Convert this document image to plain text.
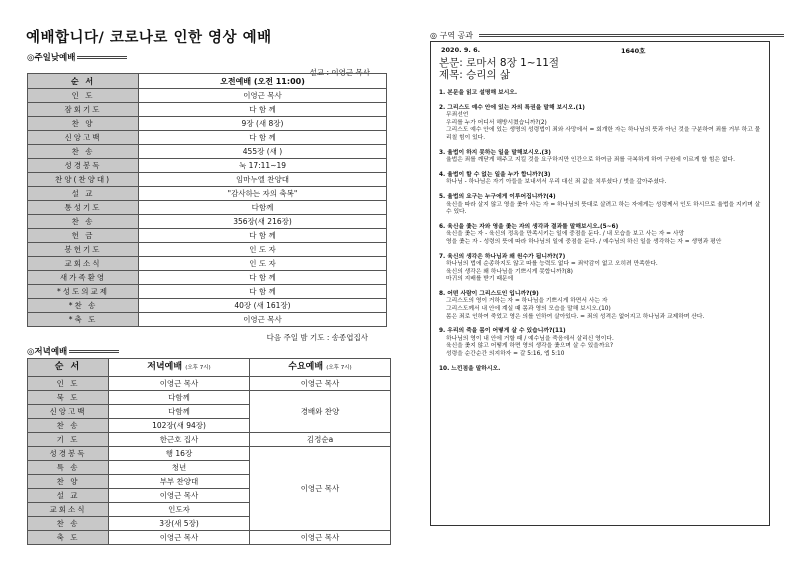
예배합니다/ 코로나로 인한 영상 예배
◎주일낮예배
설교 : 이영근 목사
순 서	오전예배 (오전 11:00)
인 도	이영근 목사
잠회기도	다 함 께
찬 양	9장 (새 8장)
신앙고백	다 함 께
찬 송	455장 (새 )
성경봉독	눅 17:11~19
찬양(찬양대)	임마누엘 찬양대
설 교	"감사하는 자의 축복"
통성기도	다함께
찬 송	356장(새 216장)
헌 금	다 함 께
봉헌기도	인 도 자
교회소식	인 도 자
새가족환영	다 함 께
*성도의교제	다 함 께
*찬 송	40장 (새 161장)
*축 도	이영근 목사
다음 주일 밤 기도 : 송종엽집사
◎저녁예배
순 서	저녁예배 (오후 7시)	수요예배 (오후 7시)
인 도	이영근 목사	이영근 목사
묵 도	다함께	경배와 찬양
신앙고백	다함께	
찬 송	102장(새 94장)	
기 도	한근호 집사	김정순a
성경봉독	행 16장	이영근 목사
특 송	청년	
찬 양	부부 찬양대	
설 교	이영근 목사	
교회소식	인도자	
찬 송	3장(새 5장)	
축 도	이영근 목사	이영근 목사
◎ 구역 공과
2020. 9. 6.	1640호
본문: 로마서 8장 1~11절
제목: 승리의 삶
1. 본문을 읽고 설명해 보시오.
2. 그리스도 예수 안에 있는 자의 특권을 말해 보시오.(1)
무죄선언
우리를 누가 어디서 해방시켰습니까?(2)
그리스도 예수 안에 있는 생명의 성령법이 죄와 사망에서 = 회개한 자는 하나님의 뜻과 아닌 것을 구분하여 죄를 거부 하고 물리칠 힘이 있다.
3. 율법이 하지 못하는 일을 말해보시오.(3)
율법은 죄를 깨닫게 해주고 지킬 것을 요구하지만 인간으로 하여금 죄를 극복하게 하여 구원에 이르게 할 힘은 없다.
4. 율법이 할 수 없는 일을 누가 합니까?(3)
하나님 - 하나님은 자기 아들을 보내셔서 우리 대신 죄 값을 치루셨다 / 벗을 갚아주셨다.
5. 율법의 요구는 누구에게 이루어집니까?(4)
육신을 따라 살지 않고 영을 좇아 사는 자 = 하나님의 뜻대로 살려고 하는 자에게는 성령께서 인도 하시므로 율법을 지키며 살 수 있다.
6. 육신을 좇는 자와 영을 좇는 자의 생각과 결과를 말해보시오.(5~6)
육신을 좇는 자 - 육신의 정욕을 만족시키는 일에 중점을 둔다. / 내 모습을 보고 사는 자 = 사망
영을 좇는 자 - 성령의 뜻에 따라 하나님의 일에 중점을 둔다. / 예수님의 하신 일을 생각하는 자 = 생명과 평안
7. 육신의 생각은 하나님과 왜 원수가 됩니까?(7)
하나님의 법에 순종하지도 않고 따를 능력도 없다 = 죄악감이 없고 오히려 만족한다.
육신의 생각은 왜 하나님을 기쁘시게 못합니까?(8)
마귀의 지배를 받기 때문에
8. 어떤 사람이 그리스도인 입니까?(9)
그리스도의 영이 거하는 자 = 하나님을 기쁘시게 하면서 사는 자
그리스도께서 내 안에 계실 때 몸과 영의 모습을 말해 보시오.(10)
몸은 죄로 인하여 죽었고 영은 의를 인하여 살아있다. = 죄의 성격은 없어지고 하나님과 교제하며 산다.
9. 우리의 죽을 몸이 어떻게 살 수 있습니까?(11)
하나님의 영이 내 안에 거할 때 / 예수님을 죽음에서 살리신 영이다.
육신을 좇지 않고 어떻게 하면 영의 생각을 좇으며 살 수 있을까요?
성령을 순간순간 의지하자 = 갈 5:16, 엡 5:10
10. 느낀점을 말하시오.
